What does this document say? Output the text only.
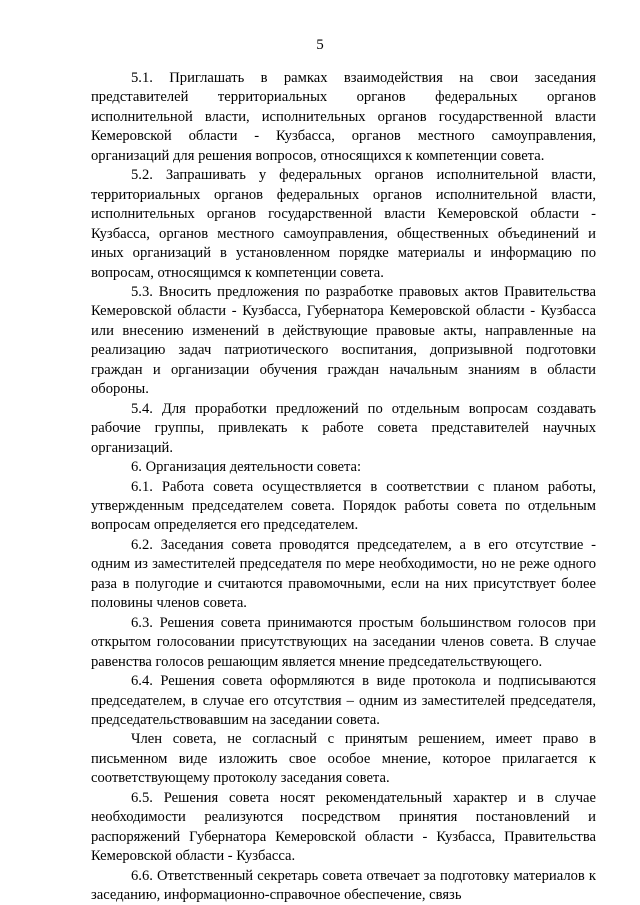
5

5.1. Приглашать в рамках взаимодействия на свои заседания представителей территориальных органов федеральных органов исполнительной власти, исполнительных органов государственной власти Кемеровской области - Кузбасса, органов местного самоуправления, организаций для решения вопросов, относящихся к компетенции совета.

5.2. Запрашивать у федеральных органов исполнительной власти, территориальных органов федеральных органов исполнительной власти, исполнительных органов государственной власти Кемеровской области - Кузбасса, органов местного самоуправления, общественных объединений и иных организаций в установленном порядке материалы и информацию по вопросам, относящимся к компетенции совета.

5.3. Вносить предложения по разработке правовых актов Правительства Кемеровской области - Кузбасса, Губернатора Кемеровской области - Кузбасса или внесению изменений в действующие правовые акты, направленные на реализацию задач патриотического воспитания, допризывной подготовки граждан и организации обучения граждан начальным знаниям в области обороны.

5.4. Для проработки предложений по отдельным вопросам создавать рабочие группы, привлекать к работе совета представителей научных организаций.

6. Организация деятельности совета:

6.1. Работа совета осуществляется в соответствии с планом работы, утвержденным председателем совета. Порядок работы совета по отдельным вопросам определяется его председателем.

6.2. Заседания совета проводятся председателем, а в его отсутствие - одним из заместителей председателя по мере необходимости, но не реже одного раза в полугодие и считаются правомочными, если на них присутствует более половины членов совета.

6.3. Решения совета принимаются простым большинством голосов при открытом голосовании присутствующих на заседании членов совета. В случае равенства голосов решающим является мнение председательствующего.

6.4. Решения совета оформляются в виде протокола и подписываются председателем, в случае его отсутствия – одним из заместителей председателя, председательствовавшим на заседании совета.

Член совета, не согласный с принятым решением, имеет право в письменном виде изложить свое особое мнение, которое прилагается к соответствующему протоколу заседания совета.

6.5. Решения совета носят рекомендательный характер и в случае необходимости реализуются посредством принятия постановлений и распоряжений Губернатора Кемеровской области - Кузбасса, Правительства Кемеровской области - Кузбасса.

6.6. Ответственный секретарь совета отвечает за подготовку материалов к заседанию, информационно-справочное обеспечение, связь
